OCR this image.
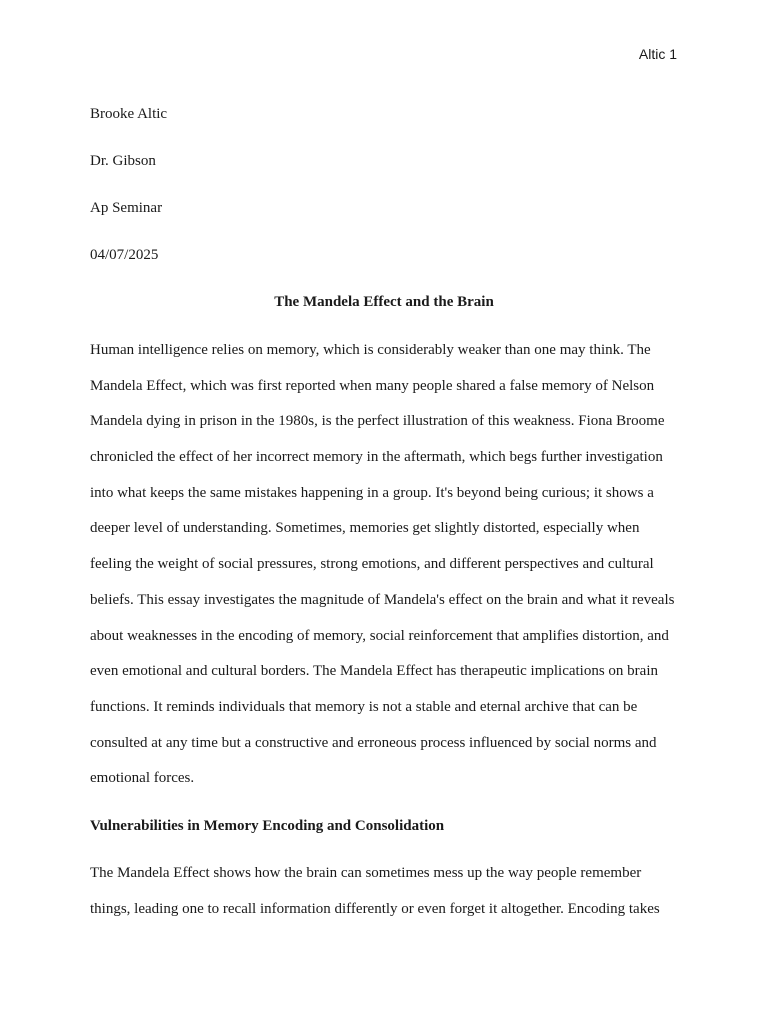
Altic 1
Brooke Altic
Dr. Gibson
Ap Seminar
04/07/2025
The Mandela Effect and the Brain
Human intelligence relies on memory, which is considerably weaker than one may think. The
Mandela Effect, which was first reported when many people shared a false memory of Nelson
Mandela dying in prison in the 1980s, is the perfect illustration of this weakness. Fiona Broome
chronicled the effect of her incorrect memory in the aftermath, which begs further investigation
into what keeps the same mistakes happening in a group. It's beyond being curious; it shows a
deeper level of understanding. Sometimes, memories get slightly distorted, especially when
feeling the weight of social pressures, strong emotions, and different perspectives and cultural
beliefs. This essay investigates the magnitude of Mandela's effect on the brain and what it reveals
about weaknesses in the encoding of memory, social reinforcement that amplifies distortion, and
even emotional and cultural borders. The Mandela Effect has therapeutic implications on brain
functions. It reminds individuals that memory is not a stable and eternal archive that can be
consulted at any time but a constructive and erroneous process influenced by social norms and
emotional forces.
Vulnerabilities in Memory Encoding and Consolidation
The Mandela Effect shows how the brain can sometimes mess up the way people remember
things, leading one to recall information differently or even forget it altogether. Encoding takes
